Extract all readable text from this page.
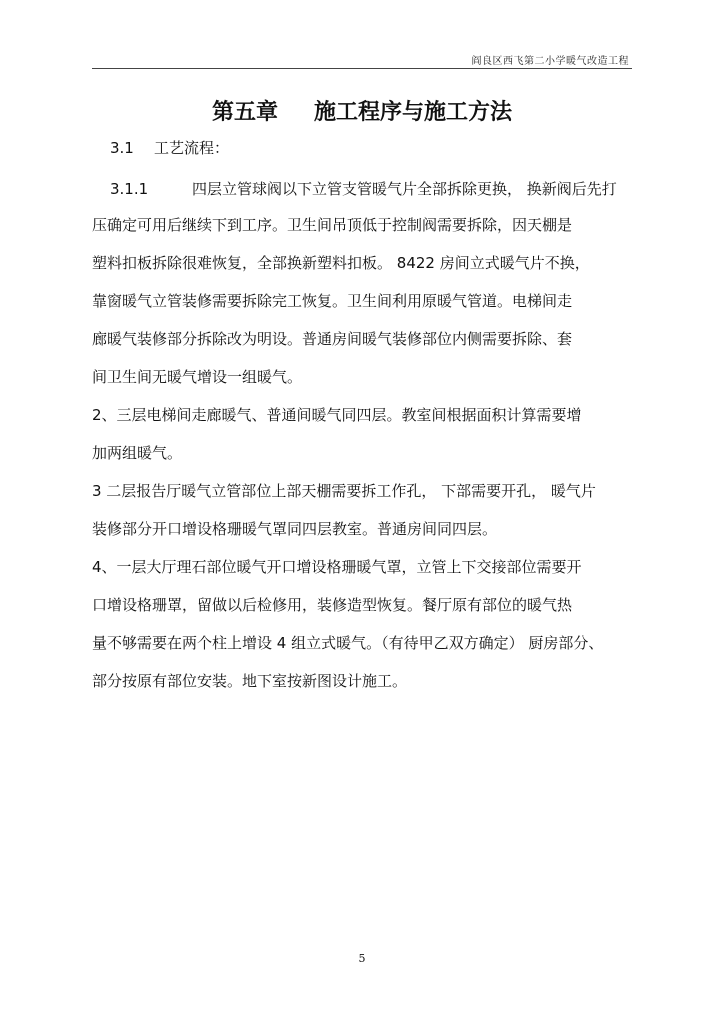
阎良区西飞第二小学暖气改造工程
第五章 施工程序与施工方法
3.1 工艺流程：
3.1.1	四层立管球阀以下立管支管暖气片全部拆除更换， 换新阀后先打
压确定可用后继续下到工序。卫生间吊顶低于控制阀需要拆除，因天棚是
塑料扣板拆除很难恢复，全部换新塑料扣板。 8422 房间立式暖气片不换，
靠窗暖气立管装修需要拆除完工恢复。卫生间利用原暖气管道。电梯间走
廊暖气装修部分拆除改为明设。普通房间暖气装修部位内侧需要拆除、套
间卫生间无暖气增设一组暖气。
2、三层电梯间走廊暖气、普通间暖气同四层。教室间根据面积计算需要增
加两组暖气。
3 二层报告厅暖气立管部位上部天棚需要拆工作孔， 下部需要开孔， 暖气片
装修部分开口增设格珊暖气罩同四层教室。普通房间同四层。
4、一层大厅理石部位暖气开口增设格珊暖气罩，立管上下交接部位需要开
口增设格珊罩，留做以后检修用，装修造型恢复。餐厅原有部位的暖气热
量不够需要在两个柱上增设 4 组立式暖气。（有待甲乙双方确定） 厨房部分、
部分按原有部位安装。地下室按新图设计施工。
5
